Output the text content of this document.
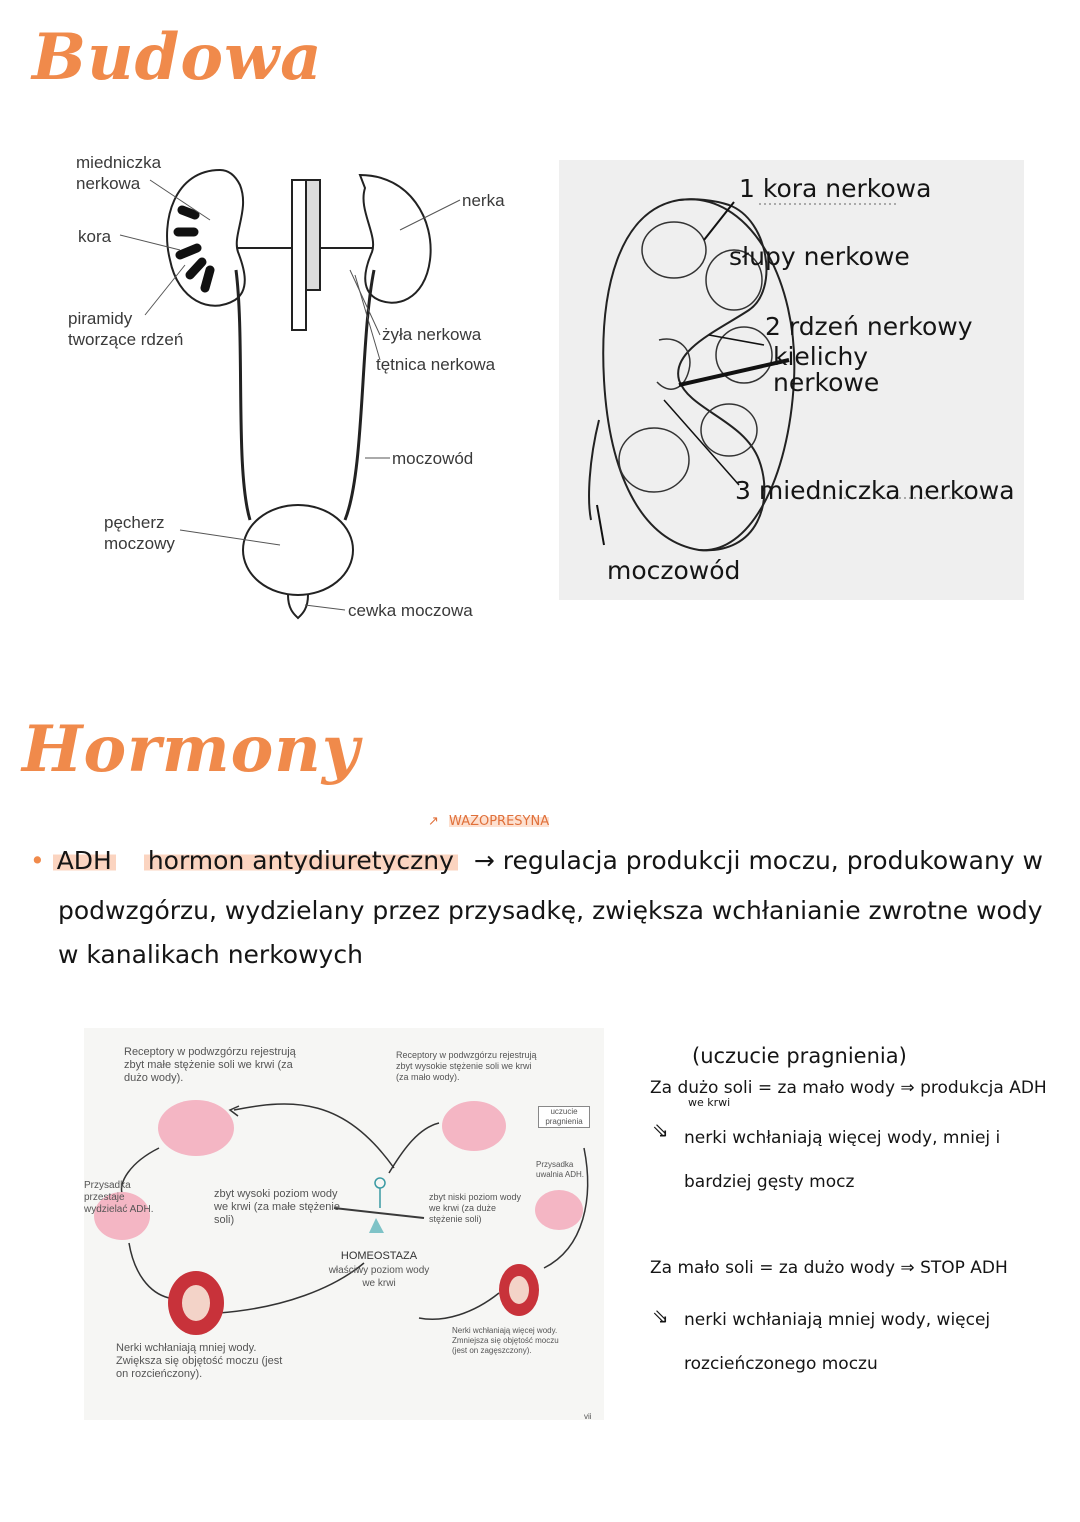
Budowa
miedniczka
nerkowa
kora
piramidy
tworzące rdzeń
nerka
żyła nerkowa
tętnica nerkowa
moczowód
pęcherz
moczowy
cewka moczowa
1 kora nerkowa
słupy nerkowe
2 rdzeń nerkowy
kielichy
nerkowe
3 miedniczka nerkowa
moczowód
Hormony
↗ WAZOPRESYNA
• ADH hormon antydiuretyczny → regulacja produkcji moczu, produkowany w
podwzgórzu, wydzielany przez przysadkę, zwiększa wchłanianie zwrotne wody
w kanalikach nerkowych
Receptory w podwzgórzu rejestrują zbyt małe stężenie soli we krwi (za dużo wody).
Receptory w podwzgórzu rejestrują zbyt wysokie stężenie soli we krwi (za mało wody).
uczucie pragnienia
Przysadka przestaje wydzielać ADH.
Przysadka uwalnia ADH.
zbyt wysoki poziom wody we krwi (za małe stężenie soli)
zbyt niski poziom wody we krwi (za duże stężenie soli)
HOMEOSTAZA
właściwy poziom wody we krwi
Nerki wchłaniają mniej wody. Zwiększa się objętość moczu (jest on rozcieńczony).
Nerki wchłaniają więcej wody. Zmniejsza się objętość moczu (jest on zagęszczony).
vii
(uczucie pragnienia)
Za dużo soli = za mało wody ⇒ produkcja ADH
we krwi
⇘ nerki wchłaniają więcej wody, mniej i
bardziej gęsty mocz
Za mało soli = za dużo wody ⇒ STOP ADH
⇘ nerki wchłaniają mniej wody, więcej
rozcieńczonego moczu
